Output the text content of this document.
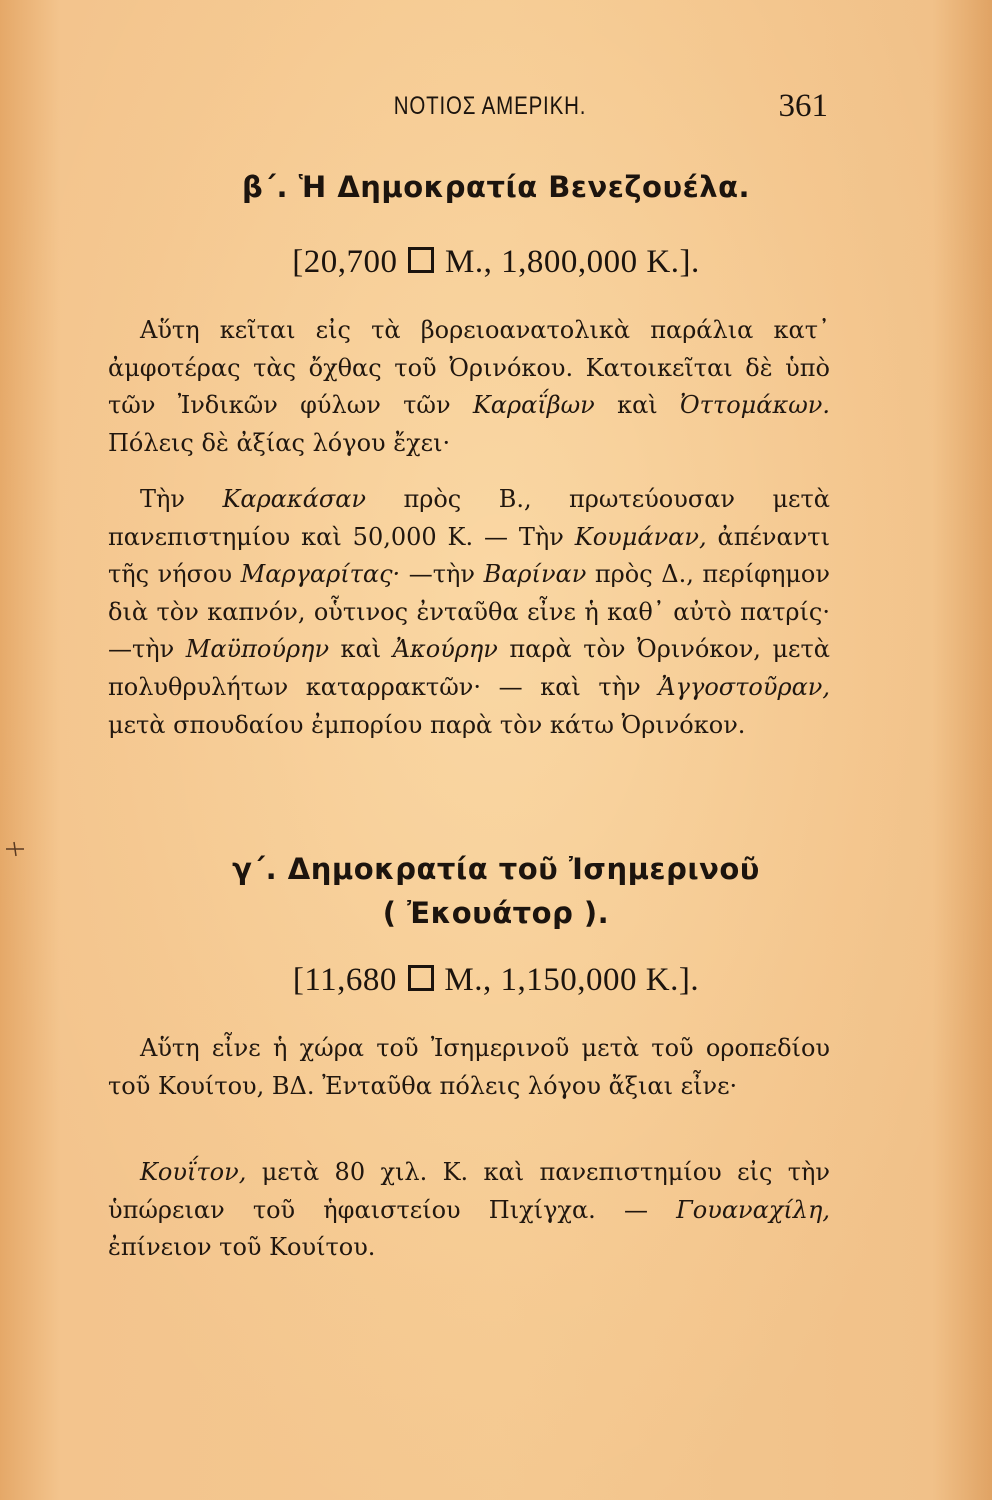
ΝΟΤΙΟΣ ΑΜΕΡΙΚΗ.	361
β΄. Ἡ Δημοκρατία Βενεζουέλα.
[20,700 Μ., 1,800,000 Κ.].
Αὕτη κεῖται εἰς τὰ βορειοανατολικὰ παράλια κατ᾿ ἀμφοτέρας τὰς ὄχθας τοῦ Ὀρινόκου. Κατοικεῖται δὲ ὑπὸ τῶν Ἰνδικῶν φύλων τῶν Καραΐβων καὶ Ὀττομάκων. Πόλεις δὲ ἀξίας λόγου ἔχει·
Τὴν Καρακάσαν πρὸς Β., πρωτεύουσαν μετὰ πανεπιστημίου καὶ 50,000 Κ. — Τὴν Κουμάναν, ἀπέναντι τῆς νήσου Μαργαρίτας· —τὴν Βαρίναν πρὸς Δ., περίφημον διὰ τὸν καπνόν, οὗτινος ἐνταῦθα εἶνε ἡ καθ᾿ αὐτὸ πατρίς·—τὴν Μαϋπούρην καὶ Ἀκούρην παρὰ τὸν Ὀρινόκον, μετὰ πολυθρυλήτων καταρρακτῶν· — καὶ τὴν Ἀγγοστοῦραν, μετὰ σπουδαίου ἐμπορίου παρὰ τὸν κάτω Ὀρινόκον.
γ΄. Δημοκρατία τοῦ Ἰσημερινοῦ
( Ἐκουάτορ ).
[11,680 Μ., 1,150,000 Κ.].
Αὕτη εἶνε ἡ χώρα τοῦ Ἰσημερινοῦ μετὰ τοῦ οροπεδίου τοῦ Κουίτου, ΒΔ. Ἐνταῦθα πόλεις λόγου ἄξιαι εἶνε·
Κουΐτον, μετὰ 80 χιλ. Κ. καὶ πανεπιστημίου εἰς τὴν ὑπώρειαν τοῦ ἡφαιστείου Πιχίγχα. — Γουαναχίλη, ἐπίνειον τοῦ Κουίτου.
